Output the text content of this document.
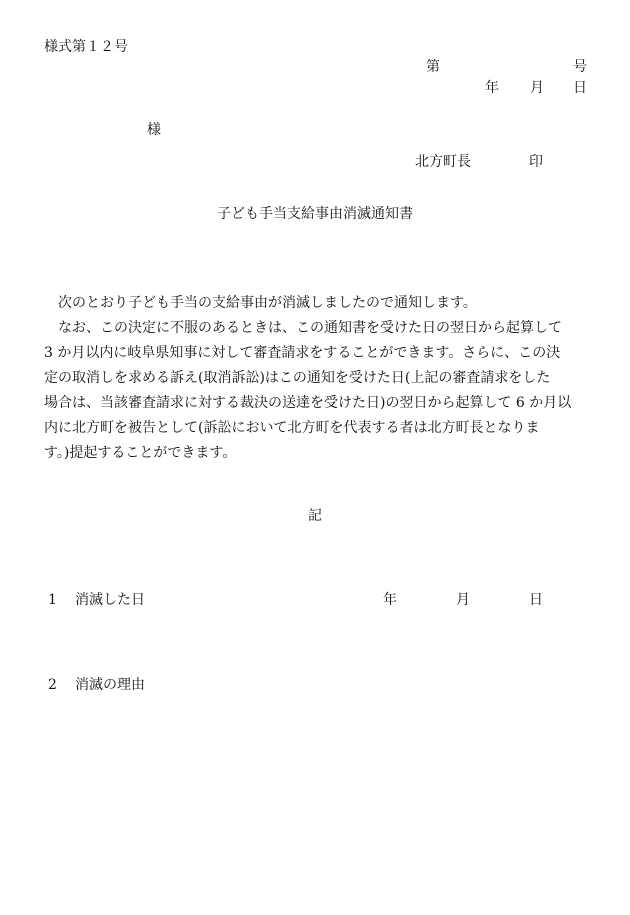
様式第１２号
第	号
年 月 日
様
北方町長	印
子ども手当支給事由消滅通知書
　次のとおり子ども手当の支給事由が消滅しましたので通知します。
　なお、この決定に不服のあるときは、この通知書を受けた日の翌日から起算して
3 か月以内に岐阜県知事に対して審査請求をすることができます。さらに、この決
定の取消しを求める訴え(取消訴訟)はこの通知を受けた日(上記の審査請求をした
場合は、当該審査請求に対する裁決の送達を受けた日)の翌日から起算して 6 か月以
内に北方町を被告として(訴訟において北方町を代表する者は北方町長となりま
す。)提起することができます。
記
1 消滅した日	年	月	日
2 消滅の理由
